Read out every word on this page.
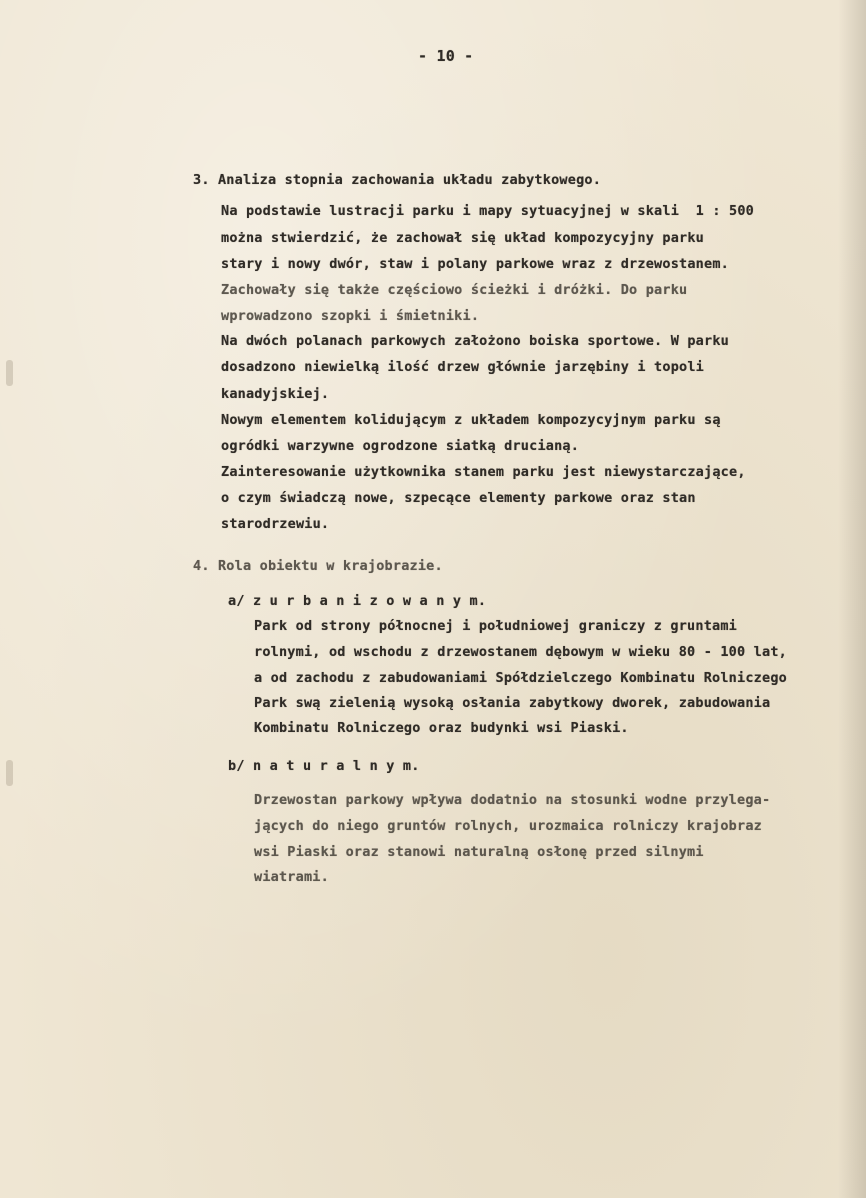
- 10 -
3. Analiza stopnia zachowania układu zabytkowego.
Na podstawie lustracji parku i mapy sytuacyjnej w skali  1 : 500
można stwierdzić, że zachował się układ kompozycyjny parku
stary i nowy dwór, staw i polany parkowe wraz z drzewostanem.
Zachowały się także częściowo ścieżki i dróżki. Do parku
wprowadzono szopki i śmietniki.
Na dwóch polanach parkowych założono boiska sportowe. W parku
dosadzono niewielką ilość drzew głównie jarzębiny i topoli
kanadyjskiej.
Nowym elementem kolidującym z układem kompozycyjnym parku są
ogródki warzywne ogrodzone siatką drucianą.
Zainteresowanie użytkownika stanem parku jest niewystarczające,
o czym świadczą nowe, szpecące elementy parkowe oraz stan
starodrzewiu.
4. Rola obiektu w krajobrazie.
a/ z u r b a n i z o w a n y m.
Park od strony północnej i południowej graniczy z gruntami
rolnymi, od wschodu z drzewostanem dębowym w wieku 80 - 100 lat,
a od zachodu z zabudowaniami Spółdzielczego Kombinatu Rolniczego
Park swą zielenią wysoką osłania zabytkowy dworek, zabudowania
Kombinatu Rolniczego oraz budynki wsi Piaski.
b/ n a t u r a l n y m.
Drzewostan parkowy wpływa dodatnio na stosunki wodne przylega-
jących do niego gruntów rolnych, urozmaica rolniczy krajobraz
wsi Piaski oraz stanowi naturalną osłonę przed silnymi
wiatrami.
